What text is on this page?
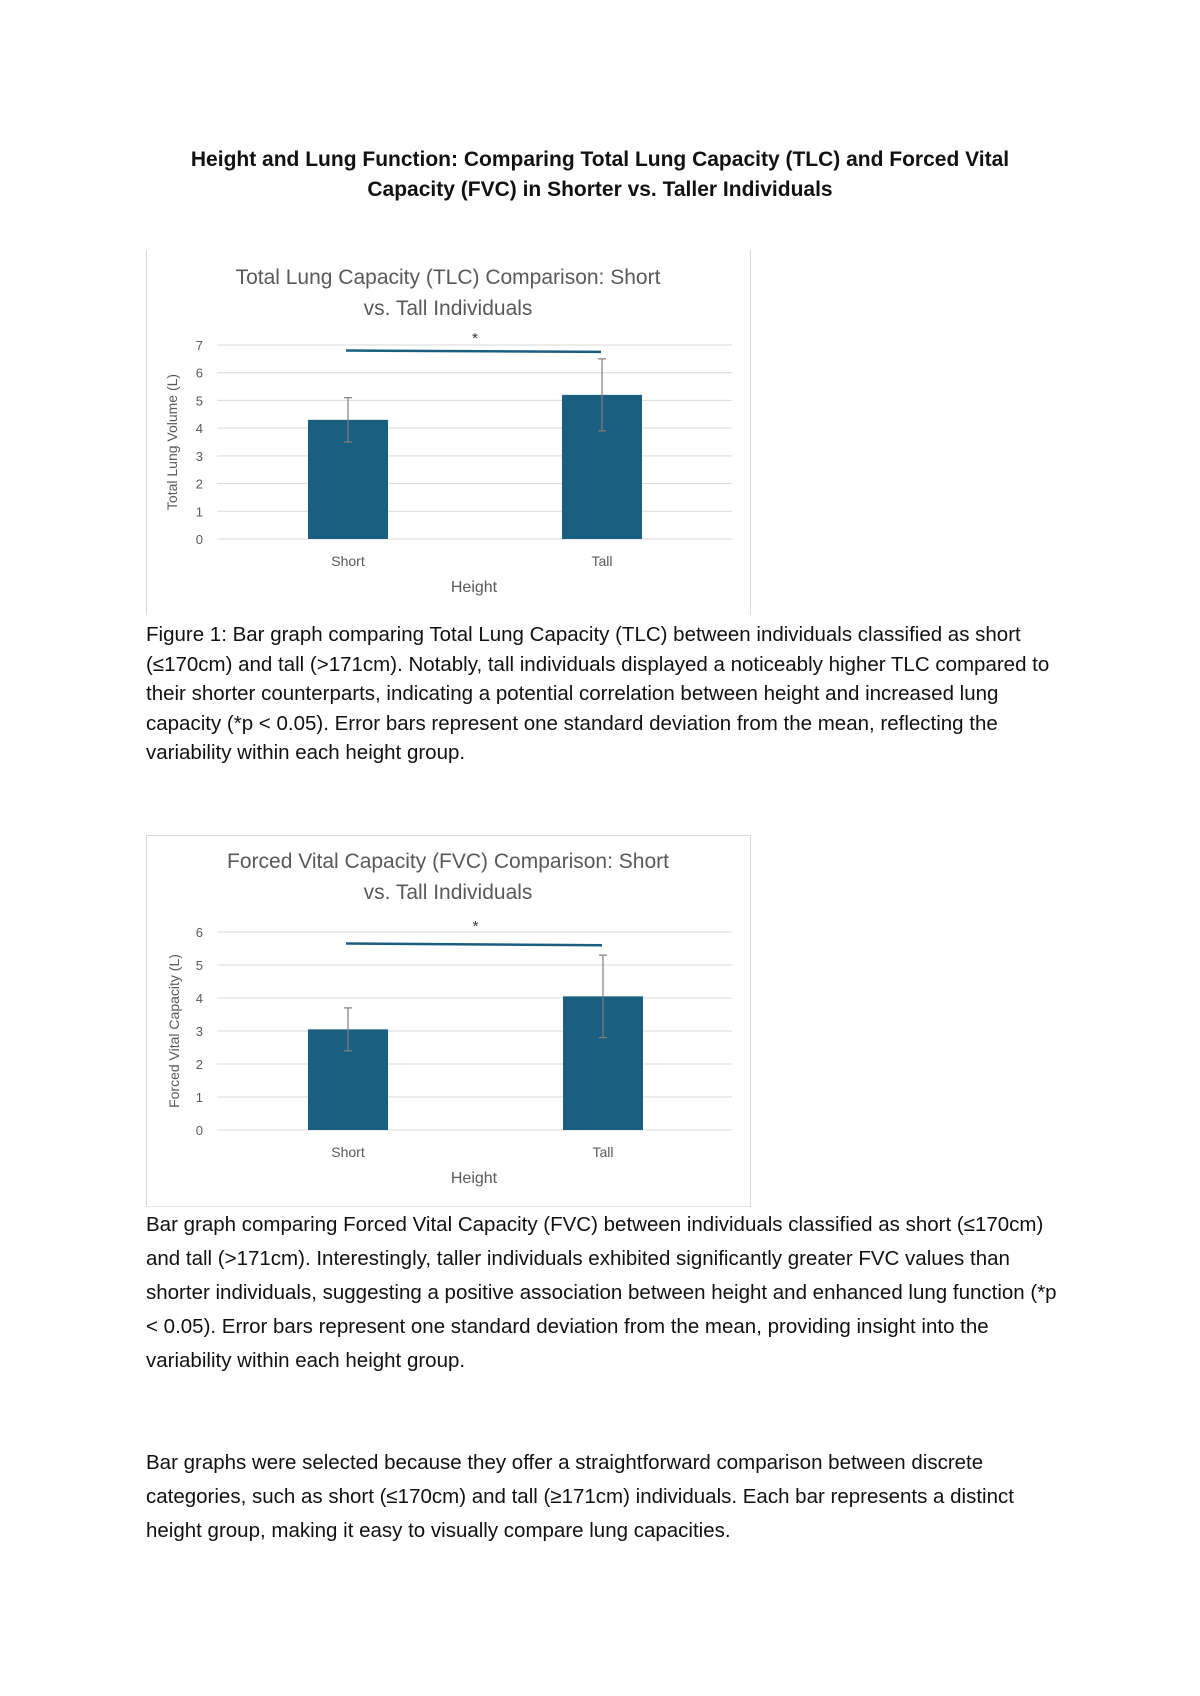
Height and Lung Function: Comparing Total Lung Capacity (TLC) and Forced Vital Capacity (FVC) in Shorter vs. Taller Individuals
Total Lung Capacity (TLC) Comparison: Short
vs. Tall Individuals
0
1
2
3
4
5
6
7
Total Lung Volume (L)
Short	Tall
Height
*

Figure 1: Bar graph comparing Total Lung Capacity (TLC) between individuals classified as short (≤170cm) and tall (>171cm). Notably, tall individuals displayed a noticeably higher TLC compared to their shorter counterparts, indicating a potential correlation between height and increased lung capacity (*p < 0.05). Error bars represent one standard deviation from the mean, reflecting the variability within each height group.

Forced Vital Capacity (FVC) Comparison: Short
vs. Tall Individuals
0
1
2
3
4
5
6
Forced Vital Capacity (L)
Short	Tall
Height
*

Bar graph comparing Forced Vital Capacity (FVC) between individuals classified as short (≤170cm) and tall (>171cm). Interestingly, taller individuals exhibited significantly greater FVC values than shorter individuals, suggesting a positive association between height and enhanced lung function (*p < 0.05). Error bars represent one standard deviation from the mean, providing insight into the variability within each height group.

Bar graphs were selected because they offer a straightforward comparison between discrete categories, such as short (≤170cm) and tall (≥171cm) individuals. Each bar represents a distinct height group, making it easy to visually compare lung capacities.
